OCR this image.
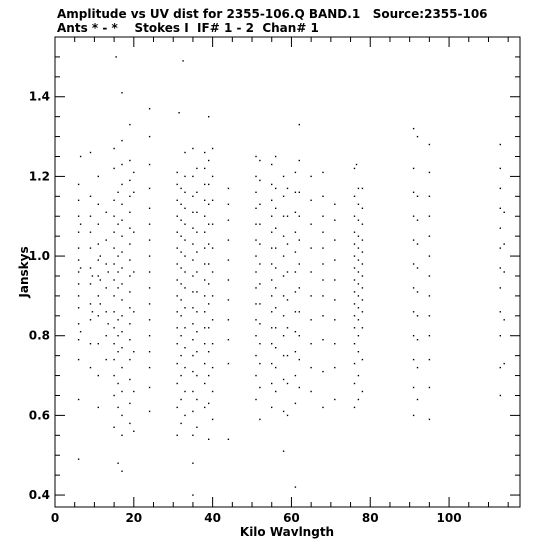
Amplitude vs UV dist for 2355-106.Q BAND.1   Source:2355-106
Ants * - *    Stokes I  IF# 1 - 2  Chan# 1
Kilo Wavlngth
Janskys
0	20	40	60	80	100
0.4
0.6
0.8
1.0
1.2
1.4
